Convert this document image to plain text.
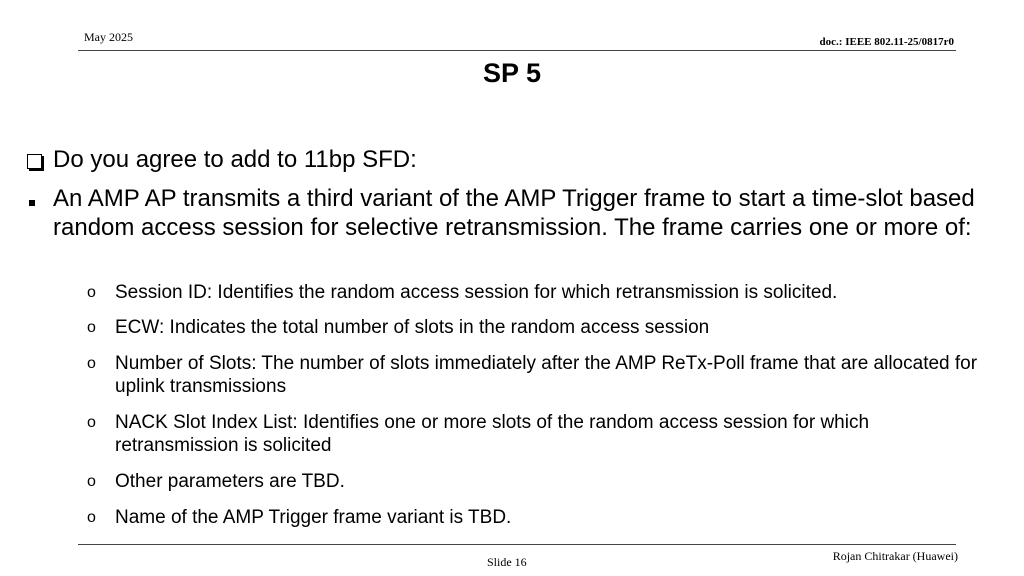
May 2025	doc.: IEEE 802.11-25/0817r0
SP 5
Do you agree to add to 11bp SFD:
An AMP AP transmits a third variant of the AMP Trigger frame to start a time-slot based random access session for selective retransmission. The frame carries one or more of:
o Session ID: Identifies the random access session for which retransmission is solicited.
o ECW: Indicates the total number of slots in the random access session
o Number of Slots: The number of slots immediately after the AMP ReTx-Poll frame that are allocated for uplink transmissions
o NACK Slot Index List: Identifies one or more slots of the random access session for which retransmission is solicited
o Other parameters are TBD.
o Name of the AMP Trigger frame variant is TBD.
Slide 16	Rojan Chitrakar (Huawei)
